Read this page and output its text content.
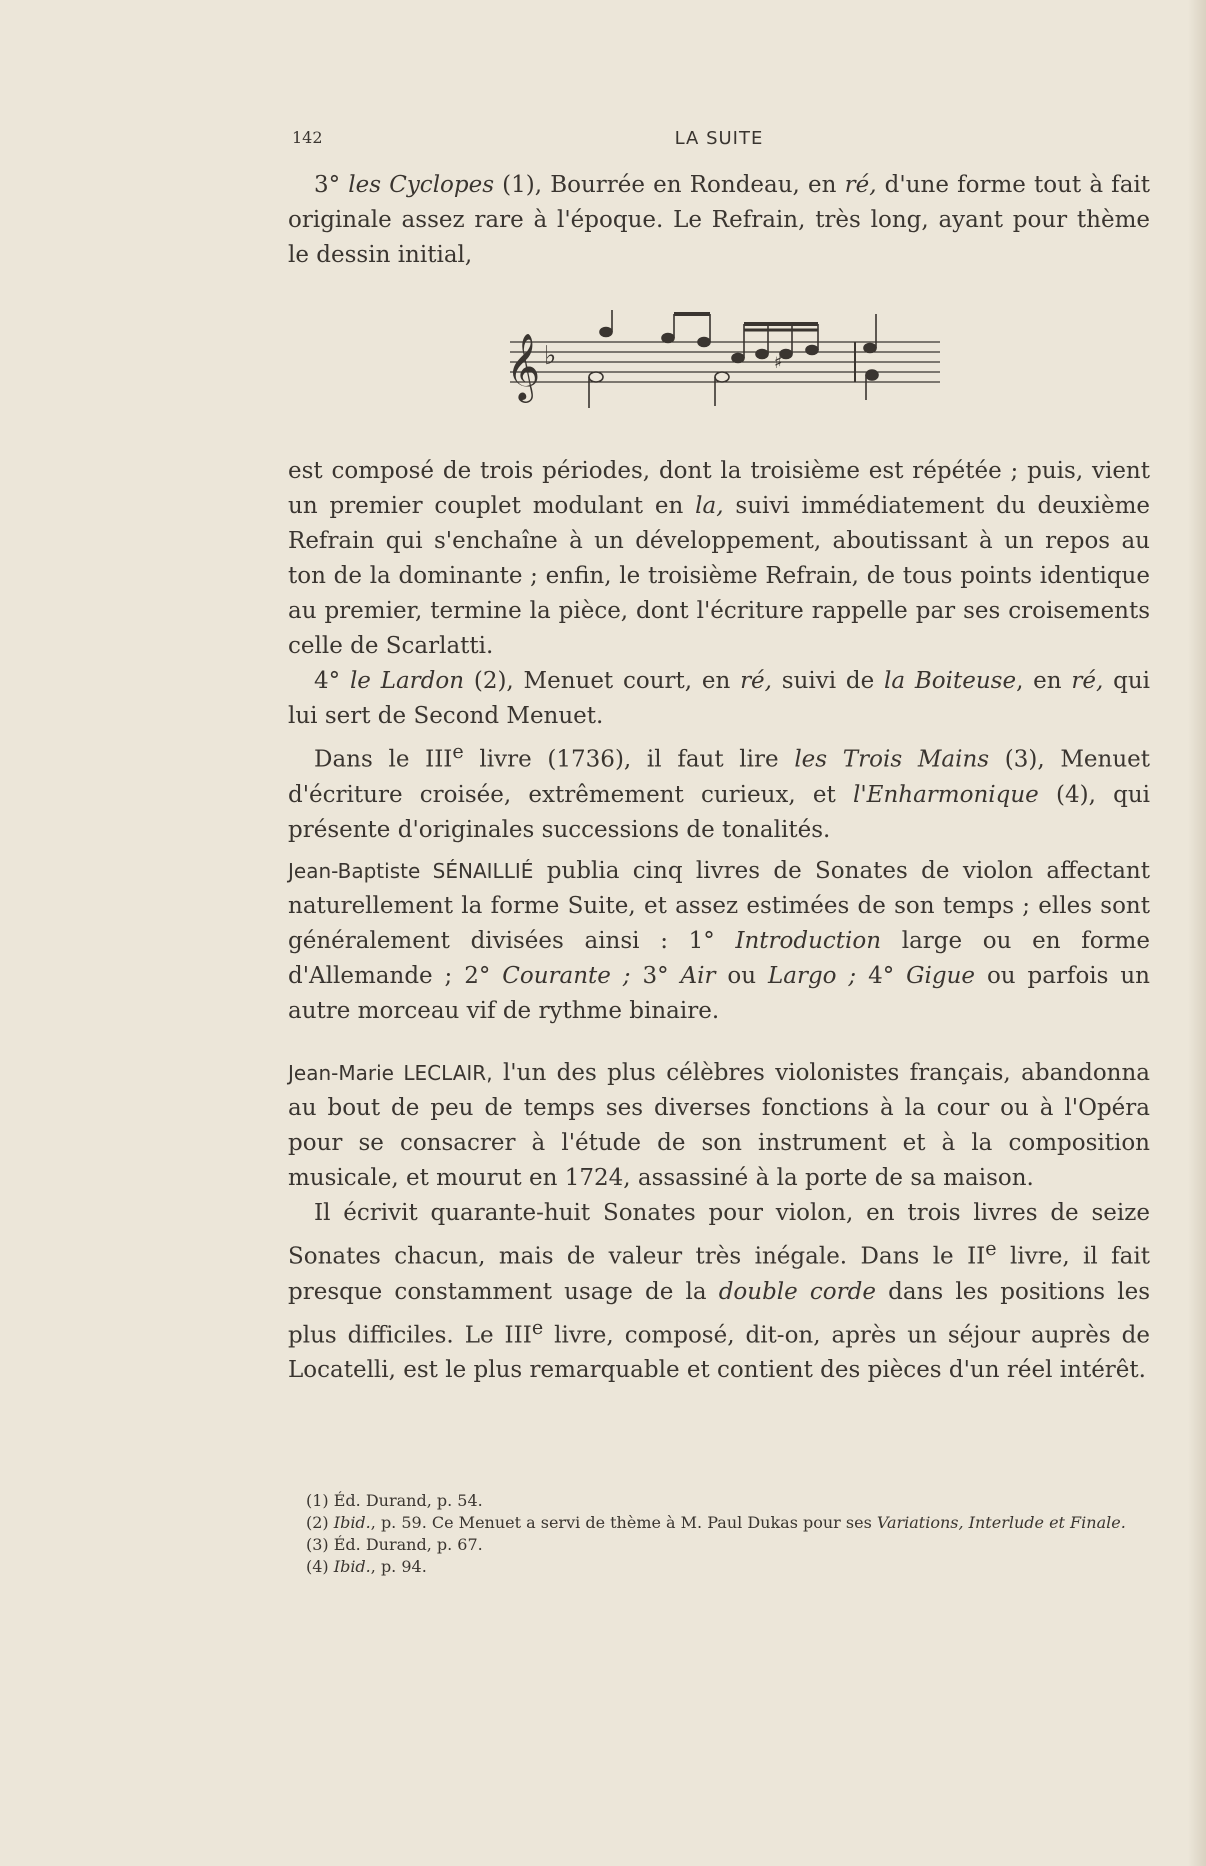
142	LA SUITE

3° les Cyclopes (1), Bourrée en Rondeau, en ré, d'une forme tout à fait originale assez rare à l'époque. Le Refrain, très long, ayant pour thème le dessin initial,

𝄞 ♭	♯

est composé de trois périodes, dont la troisième est répétée ; puis, vient un premier couplet modulant en la, suivi immédiatement du deuxième Refrain qui s'enchaîne à un développement, aboutissant à un repos au ton de la dominante ; enfin, le troisième Refrain, de tous points identique au premier, termine la pièce, dont l'écriture rappelle par ses croisements celle de Scarlatti.

4° le Lardon (2), Menuet court, en ré, suivi de la Boiteuse, en ré, qui lui sert de Second Menuet.

Dans le IIIe livre (1736), il faut lire les Trois Mains (3), Menuet d'écriture croisée, extrêmement curieux, et l'Enharmonique (4), qui présente d'originales successions de tonalités.

Jean-Baptiste SÉNAILLIÉ publia cinq livres de Sonates de violon affectant naturellement la forme Suite, et assez estimées de son temps ; elles sont généralement divisées ainsi : 1° Introduction large ou en forme d'Allemande ; 2° Courante ; 3° Air ou Largo ; 4° Gigue ou parfois un autre morceau vif de rythme binaire.

Jean-Marie LECLAIR, l'un des plus célèbres violonistes français, abandonna au bout de peu de temps ses diverses fonctions à la cour ou à l'Opéra pour se consacrer à l'étude de son instrument et à la composition musicale, et mourut en 1724, assassiné à la porte de sa maison.

Il écrivit quarante-huit Sonates pour violon, en trois livres de seize Sonates chacun, mais de valeur très inégale. Dans le IIe livre, il fait presque constamment usage de la double corde dans les positions les plus difficiles. Le IIIe livre, composé, dit-on, après un séjour auprès de Locatelli, est le plus remarquable et contient des pièces d'un réel intérêt.

(1) Éd. Durand, p. 54.

(2) Ibid., p. 59. Ce Menuet a servi de thème à M. Paul Dukas pour ses Variations, Interlude et Finale.

(3) Éd. Durand, p. 67.

(4) Ibid., p. 94.
